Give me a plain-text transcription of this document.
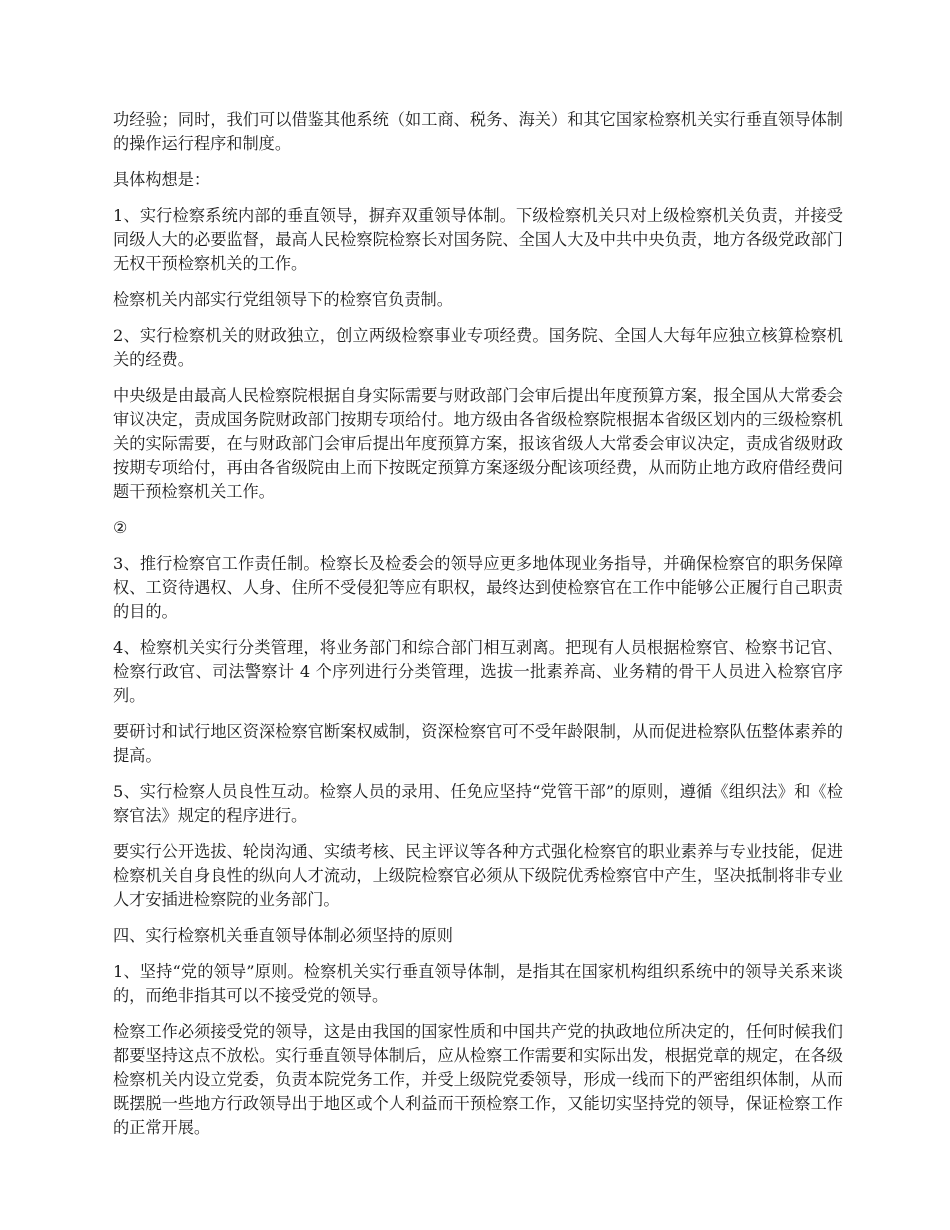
功经验；同时，我们可以借鉴其他系统（如工商、税务、海关）和其它国家检察机关实行垂直领导体制的操作运行程序和制度。

具体构想是：

1、实行检察系统内部的垂直领导，摒弃双重领导体制。下级检察机关只对上级检察机关负责，并接受同级人大的必要监督，最高人民检察院检察长对国务院、全国人大及中共中央负责，地方各级党政部门无权干预检察机关的工作。

检察机关内部实行党组领导下的检察官负责制。

2、实行检察机关的财政独立，创立两级检察事业专项经费。国务院、全国人大每年应独立核算检察机关的经费。

中央级是由最高人民检察院根据自身实际需要与财政部门会审后提出年度预算方案，报全国从大常委会审议决定，责成国务院财政部门按期专项给付。地方级由各省级检察院根据本省级区划内的三级检察机关的实际需要，在与财政部门会审后提出年度预算方案，报该省级人大常委会审议决定，责成省级财政按期专项给付，再由各省级院由上而下按既定预算方案逐级分配该项经费，从而防止地方政府借经费问题干预检察机关工作。

②

3、推行检察官工作责任制。检察长及检委会的领导应更多地体现业务指导，并确保检察官的职务保障权、工资待遇权、人身、住所不受侵犯等应有职权，最终达到使检察官在工作中能够公正履行自己职责的目的。

4、检察机关实行分类管理，将业务部门和综合部门相互剥离。把现有人员根据检察官、检察书记官、检察行政官、司法警察计 4 个序列进行分类管理，选拔一批素养高、业务精的骨干人员进入检察官序列。

要研讨和试行地区资深检察官断案权威制，资深检察官可不受年龄限制，从而促进检察队伍整体素养的提高。

5、实行检察人员良性互动。检察人员的录用、任免应坚持“党管干部”的原则，遵循《组织法》和《检察官法》规定的程序进行。

要实行公开选拔、轮岗沟通、实绩考核、民主评议等各种方式强化检察官的职业素养与专业技能，促进检察机关自身良性的纵向人才流动，上级院检察官必须从下级院优秀检察官中产生，坚决抵制将非专业人才安插进检察院的业务部门。

四、实行检察机关垂直领导体制必须坚持的原则

1、坚持“党的领导”原则。检察机关实行垂直领导体制，是指其在国家机构组织系统中的领导关系来谈的，而绝非指其可以不接受党的领导。

检察工作必须接受党的领导，这是由我国的国家性质和中国共产党的执政地位所决定的，任何时候我们都要坚持这点不放松。实行垂直领导体制后，应从检察工作需要和实际出发，根据党章的规定，在各级检察机关内设立党委，负责本院党务工作，并受上级院党委领导，形成一线而下的严密组织体制，从而既摆脱一些地方行政领导出于地区或个人利益而干预检察工作，又能切实坚持党的领导，保证检察工作的正常开展。
